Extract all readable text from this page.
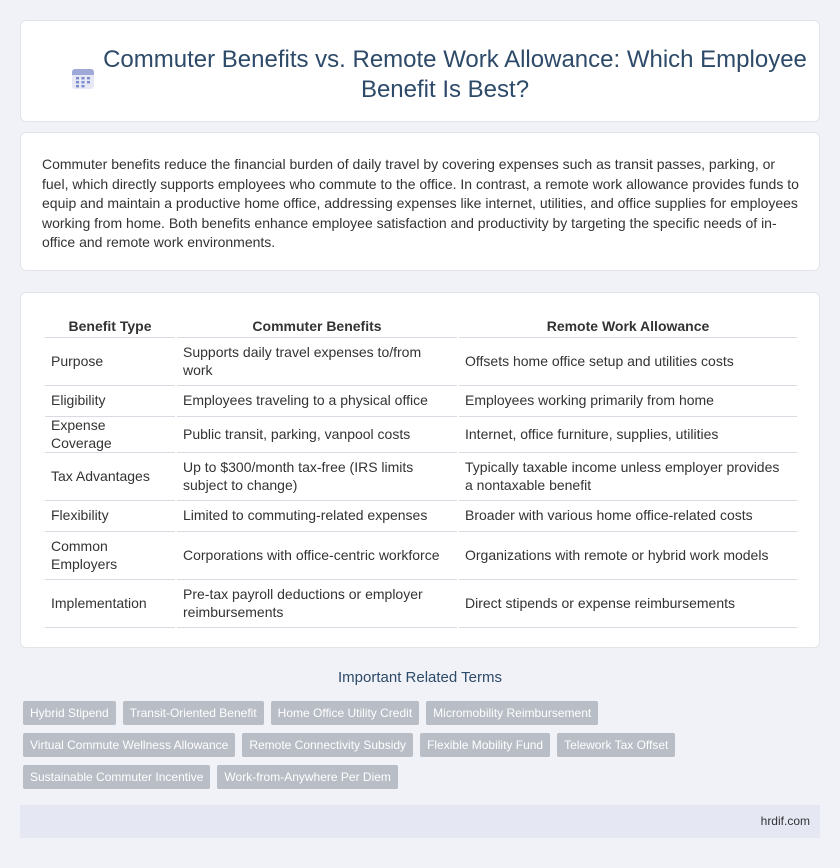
Commuter Benefits vs. Remote Work Allowance: Which Employee Benefit Is Best?

Commuter benefits reduce the financial burden of daily travel by covering expenses such as transit passes, parking, or fuel, which directly supports employees who commute to the office. In contrast, a remote work allowance provides funds to equip and maintain a productive home office, addressing expenses like internet, utilities, and office supplies for employees working from home. Both benefits enhance employee satisfaction and productivity by targeting the specific needs of in-office and remote work environments.

Benefit Type	Commuter Benefits	Remote Work Allowance
Purpose	Supports daily travel expenses to/from work	Offsets home office setup and utilities costs
Eligibility	Employees traveling to a physical office	Employees working primarily from home
Expense Coverage	Public transit, parking, vanpool costs	Internet, office furniture, supplies, utilities
Tax Advantages	Up to $300/month tax-free (IRS limits subject to change)	Typically taxable income unless employer provides a nontaxable benefit
Flexibility	Limited to commuting-related expenses	Broader with various home office-related costs
Common Employers	Corporations with office-centric workforce	Organizations with remote or hybrid work models
Implementation	Pre-tax payroll deductions or employer reimbursements	Direct stipends or expense reimbursements
Important Related Terms
Hybrid Stipend	Transit-Oriented Benefit	Home Office Utility Credit	Micromobility Reimbursement
Virtual Commute Wellness Allowance	Remote Connectivity Subsidy	Flexible Mobility Fund	Telework Tax Offset
Sustainable Commuter Incentive	Work-from-Anywhere Per Diem
hrdif.com
